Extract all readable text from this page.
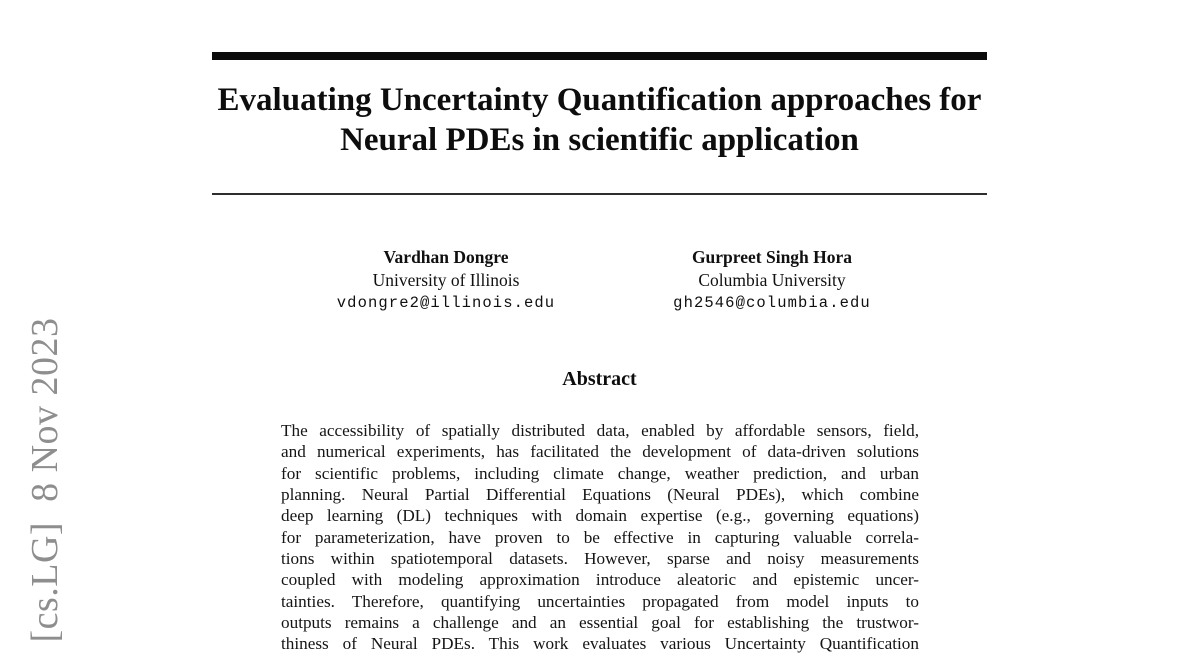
[cs.LG]  8 Nov 2023
Evaluating Uncertainty Quantification approaches for
Neural PDEs in scientific application
Vardhan Dongre
University of Illinois
vdongre2@illinois.edu
Gurpreet Singh Hora
Columbia University
gh2546@columbia.edu
Abstract
The accessibility of spatially distributed data, enabled by affordable sensors, field,
and numerical experiments, has facilitated the development of data-driven solutions
for scientific problems, including climate change, weather prediction, and urban
planning. Neural Partial Differential Equations (Neural PDEs), which combine
deep learning (DL) techniques with domain expertise (e.g., governing equations)
for parameterization, have proven to be effective in capturing valuable correla-
tions within spatiotemporal datasets. However, sparse and noisy measurements
coupled with modeling approximation introduce aleatoric and epistemic uncer-
tainties. Therefore, quantifying uncertainties propagated from model inputs to
outputs remains a challenge and an essential goal for establishing the trustwor-
thiness of Neural PDEs. This work evaluates various Uncertainty Quantification
